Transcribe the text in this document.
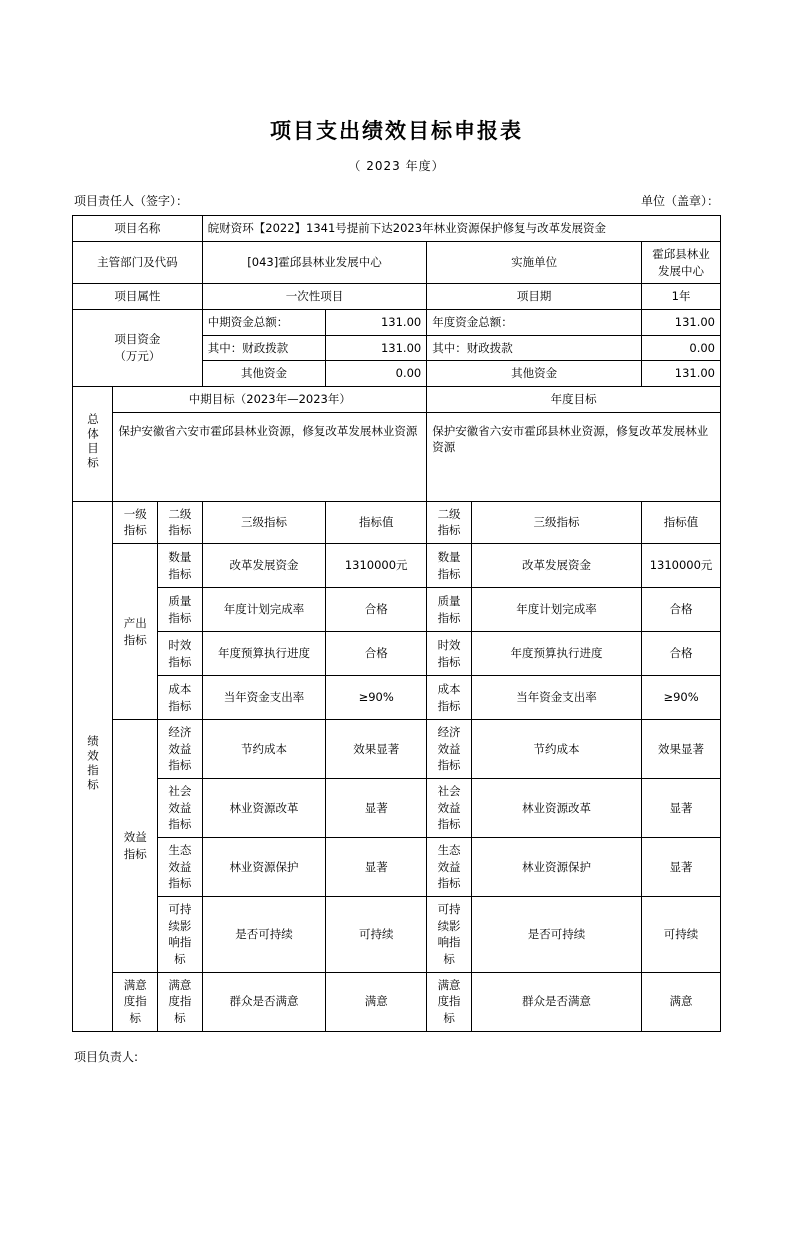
项目支出绩效目标申报表
（ 2023 年度）
项目责任人（签字）：	单位（盖章）：
项目名称			皖财资环【2022】1341号提前下达2023年林业资源保护修复与改革发展资金				
主管部门及代码			[043]霍邱县林业发展中心		实施单位		霍邱县林业发展中心
项目属性			一次性项目		项目期		1年

项目资金
（万元）			中期资金总额：	131.00	年度资金总额：		131.00
			其中：财政拨款	131.00	其中：财政拨款		0.00
			其他资金	0.00	其他资金		131.00
总体目标	中期目标（2023年—2023年）				年度目标		
	保护安徽省六安市霍邱县林业资源，修复改革发展林业资源				保护安徽省六安市霍邱县林业资源，修复改革发展林业资源		
绩效指标	一级指标	二级指标	三级指标	指标值	二级指标	三级指标	指标值
	产出指标	数量指标	改革发展资金	1310000元	数量指标	改革发展资金	1310000元
		质量指标	年度计划完成率	合格	质量指标	年度计划完成率	合格
		时效指标	年度预算执行进度	合格	时效指标	年度预算执行进度	合格
		成本指标	当年资金支出率	≥90%	成本指标	当年资金支出率	≥90%
	效益指标	经济效益指标	节约成本	效果显著	经济效益指标	节约成本	效果显著
		社会效益指标	林业资源改革	显著	社会效益指标	林业资源改革	显著
		生态效益指标	林业资源保护	显著	生态效益指标	林业资源保护	显著
		可持续影响指标	是否可持续	可持续	可持续影响指标	是否可持续	可持续
	满意度指标	满意度指标	群众是否满意	满意	满意度指标	群众是否满意	满意
项目负责人:
